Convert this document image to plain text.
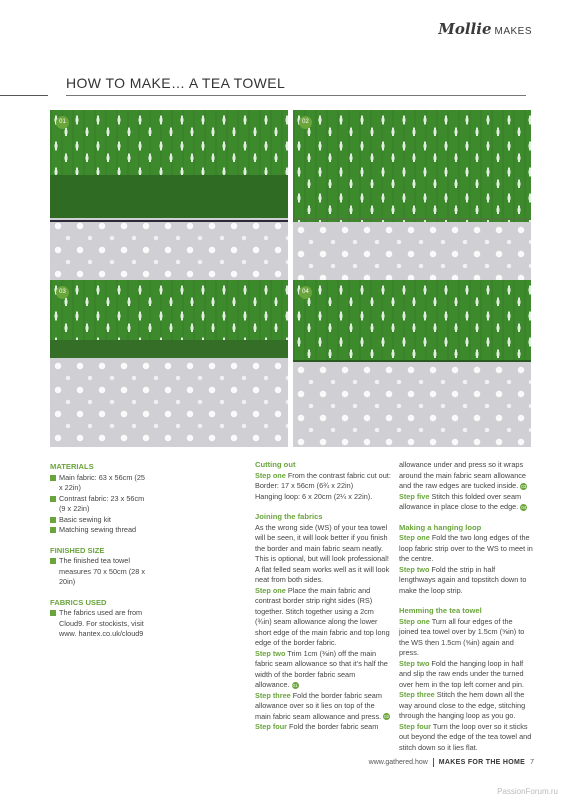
Mollie MAKES
HOW TO MAKE… A TEA TOWEL
01	02
03	04
MATERIALS
Main fabric: 63 x 56cm (25 x 22in)
Contrast fabric: 23 x 56cm (9 x 22in)
Basic sewing kit
Matching sewing thread
FINISHED SIZE
The finished tea towel measures 70 x 50cm (28 x 20in)
FABRICS USED
The fabrics used are from Cloud9. For stockists, visit www. hantex.co.uk/cloud9
Cutting out

Step one From the contrast fabric cut out:

Border: 17 x 56cm (6¾ x 22in)

Hanging loop: 6 x 20cm (2¼ x 22in).

Joining the fabrics

As the wrong side (WS) of your tea towel will be seen, it will look better if you finish the border and main fabric seam neatly. This is optional, but will look professional! A flat felled seam works well as it will look neat from both sides.

Step one Place the main fabric and contrast border strip right sides (RS) together. Stitch together using a 2cm (¾in) seam allowance along the lower short edge of the main fabric and top long edge of the border fabric.

Step two Trim 1cm (⅜in) off the main fabric seam allowance so that it's half the width of the border fabric seam allowance. 01

Step three Fold the border fabric seam allowance over so it lies on top of the main fabric seam allowance and press. 02

Step four Fold the border fabric seam

allowance under and press so it wraps around the main fabric seam allowance and the raw edges are tucked inside. 03

Step five Stitch this folded over seam allowance in place close to the edge. 04

Making a hanging loop

Step one Fold the two long edges of the loop fabric strip over to the WS to meet in the centre.

Step two Fold the strip in half lengthways again and topstitch down to make the loop strip.

Hemming the tea towel

Step one Turn all four edges of the joined tea towel over by 1.5cm (⅝in) to the WS then 1.5cm (⅝in) again and press.

Step two Fold the hanging loop in half and slip the raw ends under the turned over hem in the top left corner and pin.

Step three Stitch the hem down all the way around close to the edge, stitching through the hanging loop as you go.

Step four Turn the loop over so it sticks out beyond the edge of the tea towel and stitch down so it lies flat.

www.gathered.how MAKES FOR THE HOME 7
PassionForum.ru
